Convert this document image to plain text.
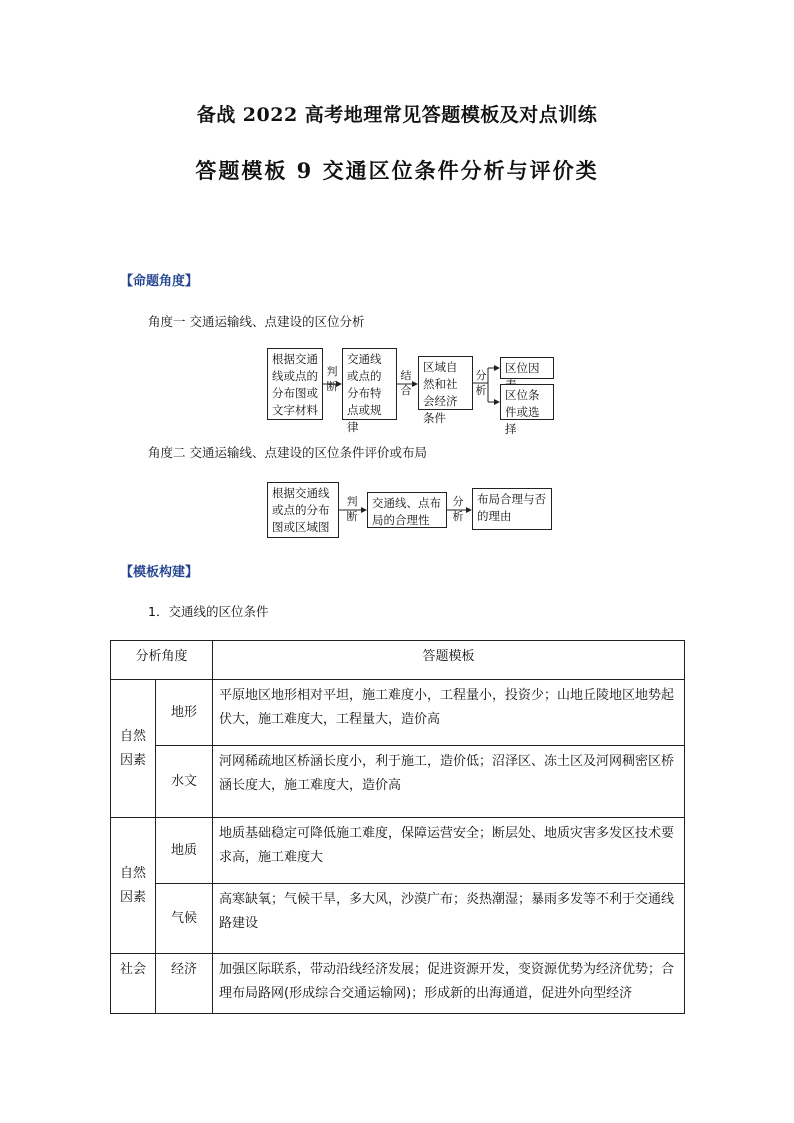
备战 2022 高考地理常见答题模板及对点训练
答题模板 9 交通区位条件分析与评价类
【命题角度】
角度一 交通运输线、点建设的区位分析
根据交通线或点的分布图或文字材料
判断
交通线或点的分布特点或规律
结合
区域自然和社会经济条件
分析
区位因
区位条件或选择
角度二 交通运输线、点建设的区位条件评价或布局
根据交通线或点的分布图或区域图
判断
交通线、点布局的合理性
分析
布局合理与否的理由
【模板构建】
1．交通线的区位条件
分析角度		答题模板
自然因素	地形	平原地区地形相对平坦，施工难度小，工程量小，投资少；山地丘陵地区地势起伏大，施工难度大，工程量大，造价高
	水文	河网稀疏地区桥涵长度小，利于施工，造价低；沼泽区、冻土区及河网稠密区桥涵长度大，施工难度大，造价高
自然因素	地质	地质基础稳定可降低施工难度，保障运营安全；断层处、地质灾害多发区技术要求高，施工难度大
	气候	高寒缺氧；气候干旱，多大风，沙漠广布；炎热潮湿；暴雨多发等不利于交通线路建设
社会	经济	加强区际联系，带动沿线经济发展；促进资源开发，变资源优势为经济优势；合理布局路网(形成综合交通运输网)；形成新的出海通道，促进外向型经济
